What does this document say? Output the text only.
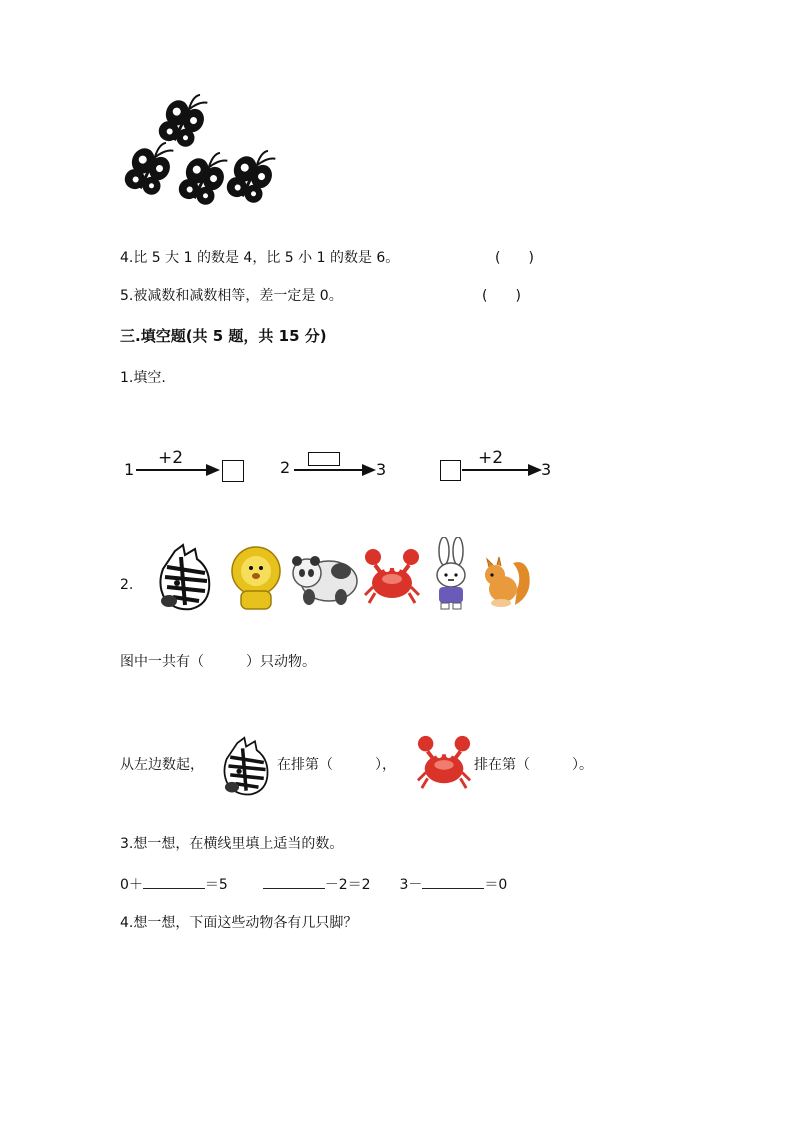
4.比 5 大 1 的数是 4，比 5 小 1 的数是 6。	(　　)
5.被减数和减数相等，差一定是 0。	(　　)
三.填空题(共 5 题，共 15 分)
1.填空.
1
+2	2	3
+2
3
2.
图中一共有（　　　）只动物。
从左边数起，	在排第（　　　），	排在第（　　　）。
3.想一想，在横线里填上适当的数。
0＋	＝5	－2＝2 3－	＝0
4.想一想，下面这些动物各有几只脚？
